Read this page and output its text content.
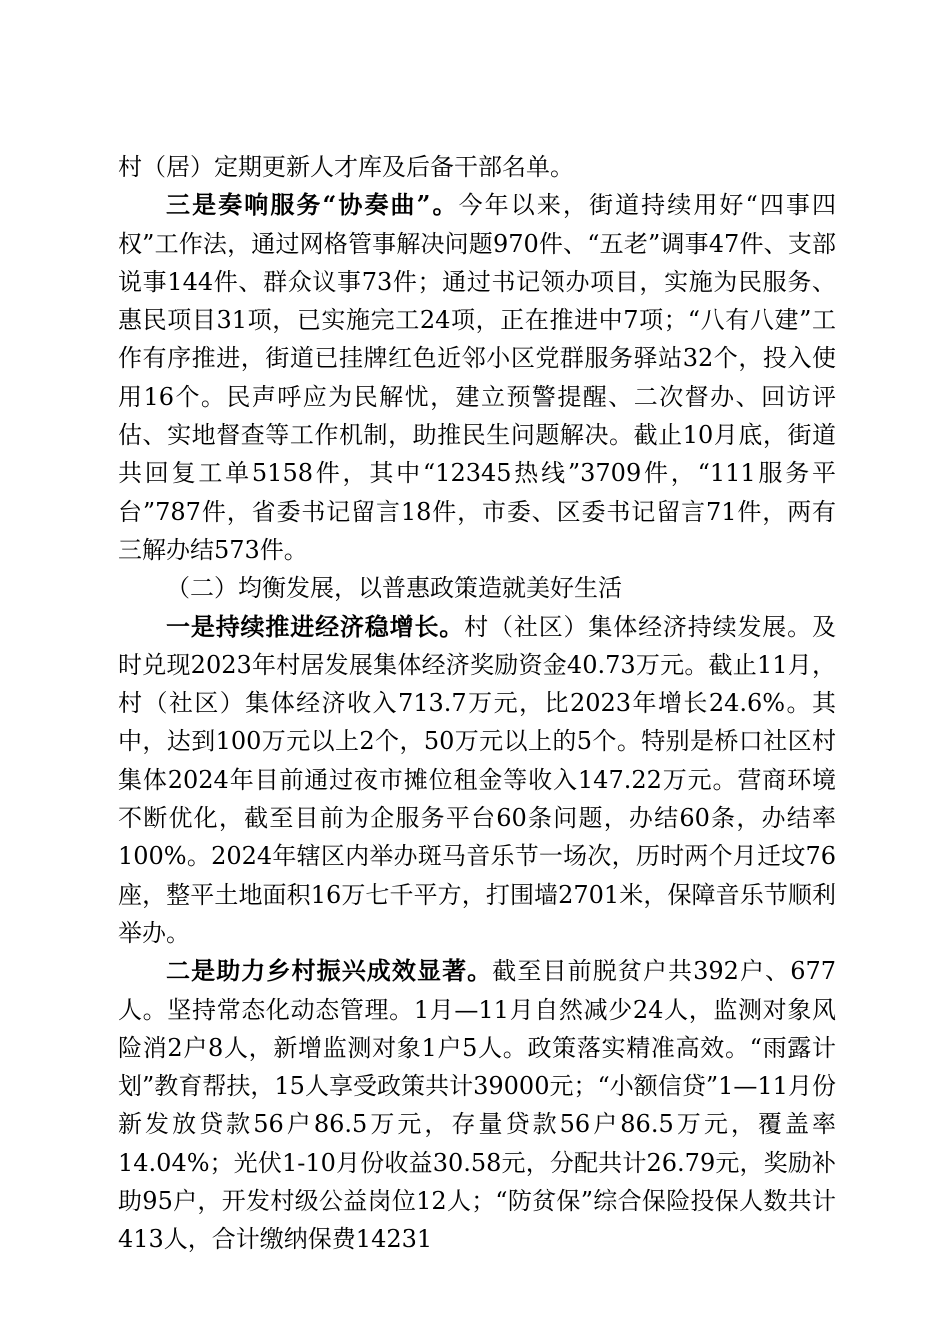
村（居）定期更新人才库及后备干部名单。

三是奏响服务“协奏曲”。今年以来，街道持续用好“四事四权”工作法，通过网格管事解决问题970件、“五老”调事47件、支部说事144件、群众议事73件；通过书记领办项目，实施为民服务、惠民项目31项，已实施完工24项，正在推进中7项；“八有八建”工作有序推进，街道已挂牌红色近邻小区党群服务驿站32个，投入使用16个。民声呼应为民解忧，建立预警提醒、二次督办、回访评估、实地督查等工作机制，助推民生问题解决。截止10月底，街道共回复工单5158件，其中“12345热线”3709件，“111服务平台”787件，省委书记留言18件，市委、区委书记留言71件，两有三解办结573件。

（二）均衡发展，以普惠政策造就美好生活

一是持续推进经济稳增长。村（社区）集体经济持续发展。及时兑现2023年村居发展集体经济奖励资金40.73万元。截止11月，村（社区）集体经济收入713.7万元，比2023年增长24.6%。其中，达到100万元以上2个，50万元以上的5个。特别是桥口社区村集体2024年目前通过夜市摊位租金等收入147.22万元。营商环境不断优化，截至目前为企服务平台60条问题，办结60条，办结率100%。2024年辖区内举办斑马音乐节一场次，历时两个月迁坟76座，整平土地面积16万七千平方，打围墙2701米，保障音乐节顺利举办。

二是助力乡村振兴成效显著。截至目前脱贫户共392户、677人。坚持常态化动态管理。1月—11月自然减少24人，监测对象风险消2户8人，新增监测对象1户5人。政策落实精准高效。“雨露计划”教育帮扶，15人享受政策共计39000元；“小额信贷”1—11月份新发放贷款56户86.5万元，存量贷款56户86.5万元，覆盖率14.04%；光伏1-10月份收益30.58元，分配共计26.79元，奖励补助95户，开发村级公益岗位12人；“防贫保”综合保险投保人数共计413人，合计缴纳保费14231
